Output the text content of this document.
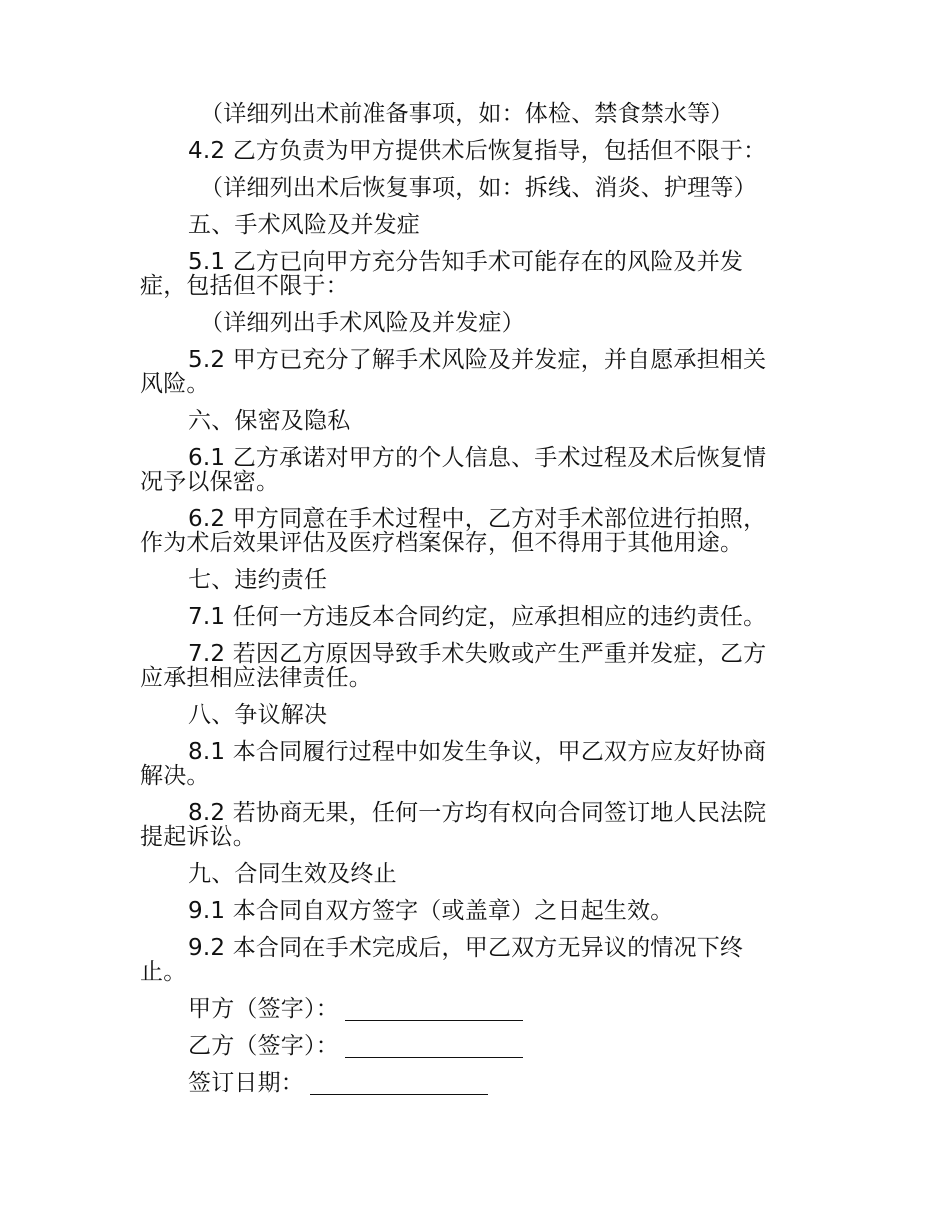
（详细列出术前准备事项，如：体检、禁食禁水等）
4.2 乙方负责为甲方提供术后恢复指导，包括但不限于：
（详细列出术后恢复事项，如：拆线、消炎、护理等）
五、手术风险及并发症
5.1 乙方已向甲方充分告知手术可能存在的风险及并发
症，包括但不限于：
（详细列出手术风险及并发症）
5.2 甲方已充分了解手术风险及并发症，并自愿承担相关
风险。
六、保密及隐私
6.1 乙方承诺对甲方的个人信息、手术过程及术后恢复情
况予以保密。
6.2 甲方同意在手术过程中，乙方对手术部位进行拍照，
作为术后效果评估及医疗档案保存，但不得用于其他用途。
七、违约责任
7.1 任何一方违反本合同约定，应承担相应的违约责任。
7.2 若因乙方原因导致手术失败或产生严重并发症，乙方
应承担相应法律责任。
八、争议解决
8.1 本合同履行过程中如发生争议，甲乙双方应友好协商
解决。
8.2 若协商无果，任何一方均有权向合同签订地人民法院
提起诉讼。
九、合同生效及终止
9.1 本合同自双方签字（或盖章）之日起生效。
9.2 本合同在手术完成后，甲乙双方无异议的情况下终
止。
甲方（签字）：
乙方（签字）：
签订日期：
